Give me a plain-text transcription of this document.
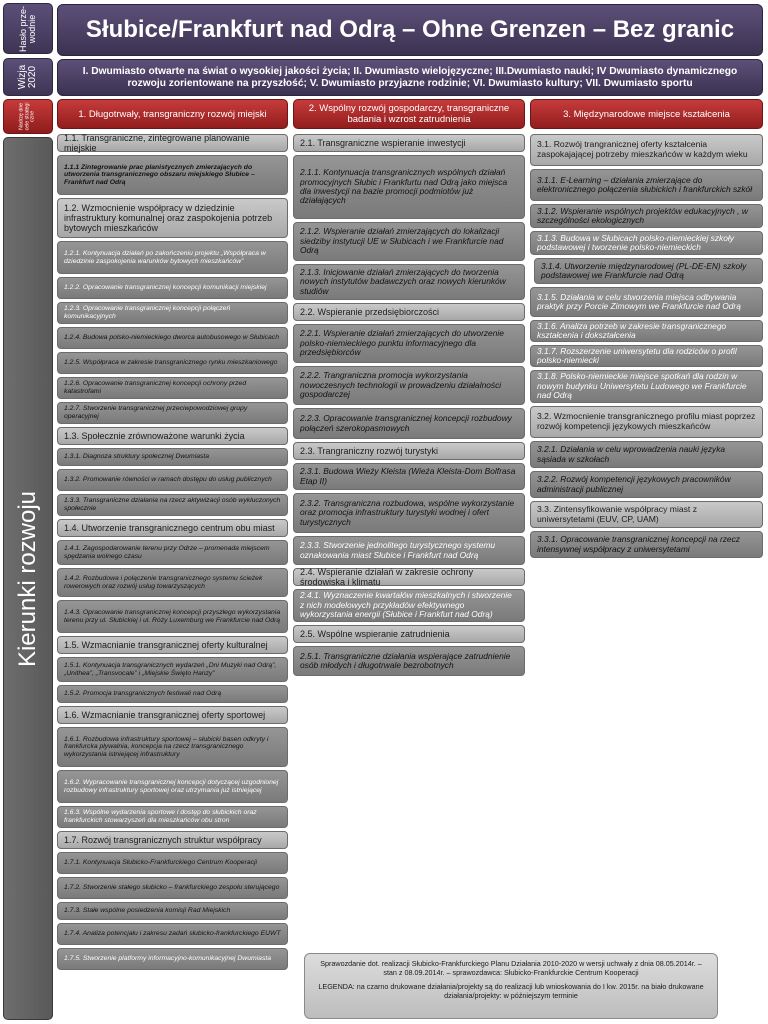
Hasło prze-wodnie
Wizja 2020
Nadrzę dne cele strategi czne
Kierunki rozwoju
Słubice/Frankfurt nad Odrą – Ohne Grenzen – Bez granic
I. Dwumiasto otwarte na świat o wysokiej jakości życia; II. Dwumiasto wielojęzyczne; III.Dwumiasto nauki; IV Dwumiasto dynamicznego rozwoju zorientowane na przyszłość; V. Dwumiasto przyjazne rodzinie; VI. Dwumiasto kultury; VII. Dwumiasto sportu
1. Długotrwały, transgraniczny rozwój miejski	2. Wspólny rozwój gospodarczy, transgraniczne badania i wzrost zatrudnienia	3. Międzynarodowe miejsce kształcenia
1.1. Transgraniczne, zintegrowane planowanie miejskie
1.1.1 Zintegrowanie prac planistycznych zmierzających do utworzenia transgranicznego obszaru miejskiego Słubice – Frankfurt nad Odrą
1.2. Wzmocnienie współpracy w dziedzinie infrastruktury komunalnej oraz zaspokojenia potrzeb bytowych mieszkańców
1.2.1. Kontynuacja działań po zakończeniu projektu „Współpraca w dziedzinie zaspokojenia warunków bytowych mieszkańców”
1.2.2. Opracowanie transgranicznej koncepcji komunikacji miejskiej
1.2.3. Opracowanie transgranicznej koncepcji połączeń komunikacyjnych
1.2.4. Budowa polsko-niemieckiego dworca autobusowego w Słubicach
1.2.5. Współpraca w zakresie transgranicznego rynku mieszkaniowego
1.2.6. Opracowanie transgranicznej koncepcji ochrony przed katastrofami
1.2.7. Stworzenie transgranicznej przeciwpowodziowej grupy operacyjnej
1.3. Społecznie zrównoważone warunki życia
1.3.1. Diagnoza struktury społecznej Dwumiasta
1.3.2. Promowanie równości w ramach dostępu do usług publicznych
1.3.3. Transgraniczne działania na rzecz aktywizacji osób wykluczonych społecznie
1.4. Utworzenie transgranicznego centrum obu miast
1.4.1. Zagospodarowanie terenu przy Odrze – promenada miejscem spędzania wolnego czasu
1.4.2. Rozbudowa i połączenie transgranicznego systemu ścieżek rowerowych oraz rozwój usług towarzyszących
1.4.3. Opracowanie transgranicznej koncepcji przyszłego wykorzystania terenu przy ul. Słubickiej i ul. Róży Luxemburg we Frankfurcie nad Odrą
1.5. Wzmacnianie transgranicznej oferty kulturalnej
1.5.1. Kontynuacja transgranicznych wydarzeń „Dni Muzyki nad Odrą”, „Unithea”, „Transvocale” i „Miejskie Święto Hanzy”
1.5.2. Promocja transgranicznych festiwali nad Odrą
1.6. Wzmacnianie transgranicznej oferty sportowej
1.6.1. Rozbudowa infrastruktury sportowej – słubicki basen odkryty i frankfurcka pływalnia, koncepcja na rzecz transgranicznego wykorzystania istniejącej infrastruktury
1.6.2. Wypracowanie transgranicznej koncepcji dotyczącej uzgodnionej rozbudowy infrastruktury sportowej oraz utrzymania już istniejącej
1.6.3. Wspólne wydarzenia sportowe i dostęp do słubickich oraz frankfurckich stowarzyszeń dla mieszkańców obu stron
1.7. Rozwój transgranicznych struktur współpracy
1.7.1. Kontynuacja Słubicko-Frankfurckiego Centrum Kooperacji
1.7.2. Stworzenie stałego słubicko – frankfurckiego zespołu sterującego
1.7.3. Stałe wspólne posiedzenia komisji Rad Miejskich
1.7.4. Analiza potencjału i zakresu zadań słubicko-frankfurckiego EUWT
1.7.5. Stworzenie platformy informacyjno-komunikacyjnej Dwumiasta
2.1. Transgraniczne wspieranie inwestycji
2.1.1. Kontynuacja transgranicznych wspólnych działań promocyjnych Słubic i Frankfurtu nad Odrą jako miejsca dla inwestycji na bazie promocji podmiotów już działających
2.1.2. Wspieranie działań zmierzających do lokalizacji siedziby instytucji UE w Słubicach i we Frankfurcie nad Odrą
2.1.3. Inicjowanie działań zmierzających do tworzenia nowych instytutów badawczych oraz nowych kierunków studiów
2.2. Wspieranie przedsiębiorczości
2.2.1. Wspieranie działań zmierzających do utworzenie polsko-niemieckiego punktu informacyjnego dla przedsiębiorców
2.2.2. Trangraniczna promocja wykorzystania nowoczesnych technologii w prowadzeniu działalności gospodarczej
2.2.3. Opracowanie transgranicznej koncepcji rozbudowy połączeń szerokopasmowych
2.3. Trangraniczny rozwój turystyki
2.3.1. Budowa Wieży Kleista (Wieża Kleista-Dom Bolfrasa Etap II)
2.3.2. Transgraniczna rozbudowa, wspólne wykorzystanie oraz promocja infrastruktury turystyki wodnej i ofert turystycznych
2.3.3. Stworzenie jednolitego turystycznego systemu oznakowania miast Słubice i Frankfurt nad Odrą
2.4. Wspieranie działań w zakresie ochrony środowiska i klimatu
2.4.1. Wyznaczenie kwartałów mieszkalnych i stworzenie z nich modelowych przykładów efektywnego wykorzystania energii (Słubice i Frankfurt nad Odrą)
2.5. Wspólne wspieranie zatrudnienia
2.5.1. Transgraniczne działania wspierające zatrudnienie osób młodych i długotrwale bezrobotnych
3.1. Rozwój trangranicznej oferty kształcenia zaspokajającej potrzeby mieszkańców w każdym wieku
3.1.1. E-Learning – działania zmierzające do elektronicznego połączenia słubickich i frankfurckich szkół
3.1.2. Wspieranie wspólnych projektów edukacyjnych , w szczególności ekologicznych
3.1.3. Budowa w Słubicach polsko-niemieckiej szkoły podstawowej i tworzenie polsko-niemieckich
3.1.4. Utworzenie międzynarodowej (PL-DE-EN) szkoły podstawowej we Frankfurcie nad Odrą
3.1.5. Działania w celu stworzenia miejsca odbywania praktyk przy Porcie Zimowym we Frankfurcie nad Odrą
3.1.6. Analiza potrzeb w zakresie transgranicznego kształcenia i dokształcenia
3.1.7. Rozszerzenie uniwersytetu dla rodziców o profil polsko-niemiecki
3.1.8. Polsko-niemieckie miejsce spotkań dla rodzin w nowym budynku Uniwersytetu Ludowego we Frankfurcie nad Odrą
3.2. Wzmocnienie transgranicznego profilu miast poprzez rozwój kompetencji językowych mieszkańców
3.2.1. Działania w celu wprowadzenia nauki języka sąsiada w szkołach
3.2.2. Rozwój kompetencji językowych pracowników administracji publicznej
3.3. Zintensyfikowanie współpracy miast z uniwersytetami (EUV, CP, UAM)
3.3.1. Opracowanie transgranicznej koncepcji na rzecz intensywnej współpracy z uniwersytetami

Sprawozdanie dot. realizacji Słubicko-Frankfurckiego Planu Działania 2010-2020 w wersji uchwały z dnia 08.05.2014r. – stan z 08.09.2014r. – sprawozdawca: Słubicko-Frankfurckie Centrum Kooperacji

LEGENDA: na czarno drukowane działania/projekty są do realizacji lub wnioskowania do I kw. 2015r. na biało drukowane działania/projekty: w późniejszym terminie
